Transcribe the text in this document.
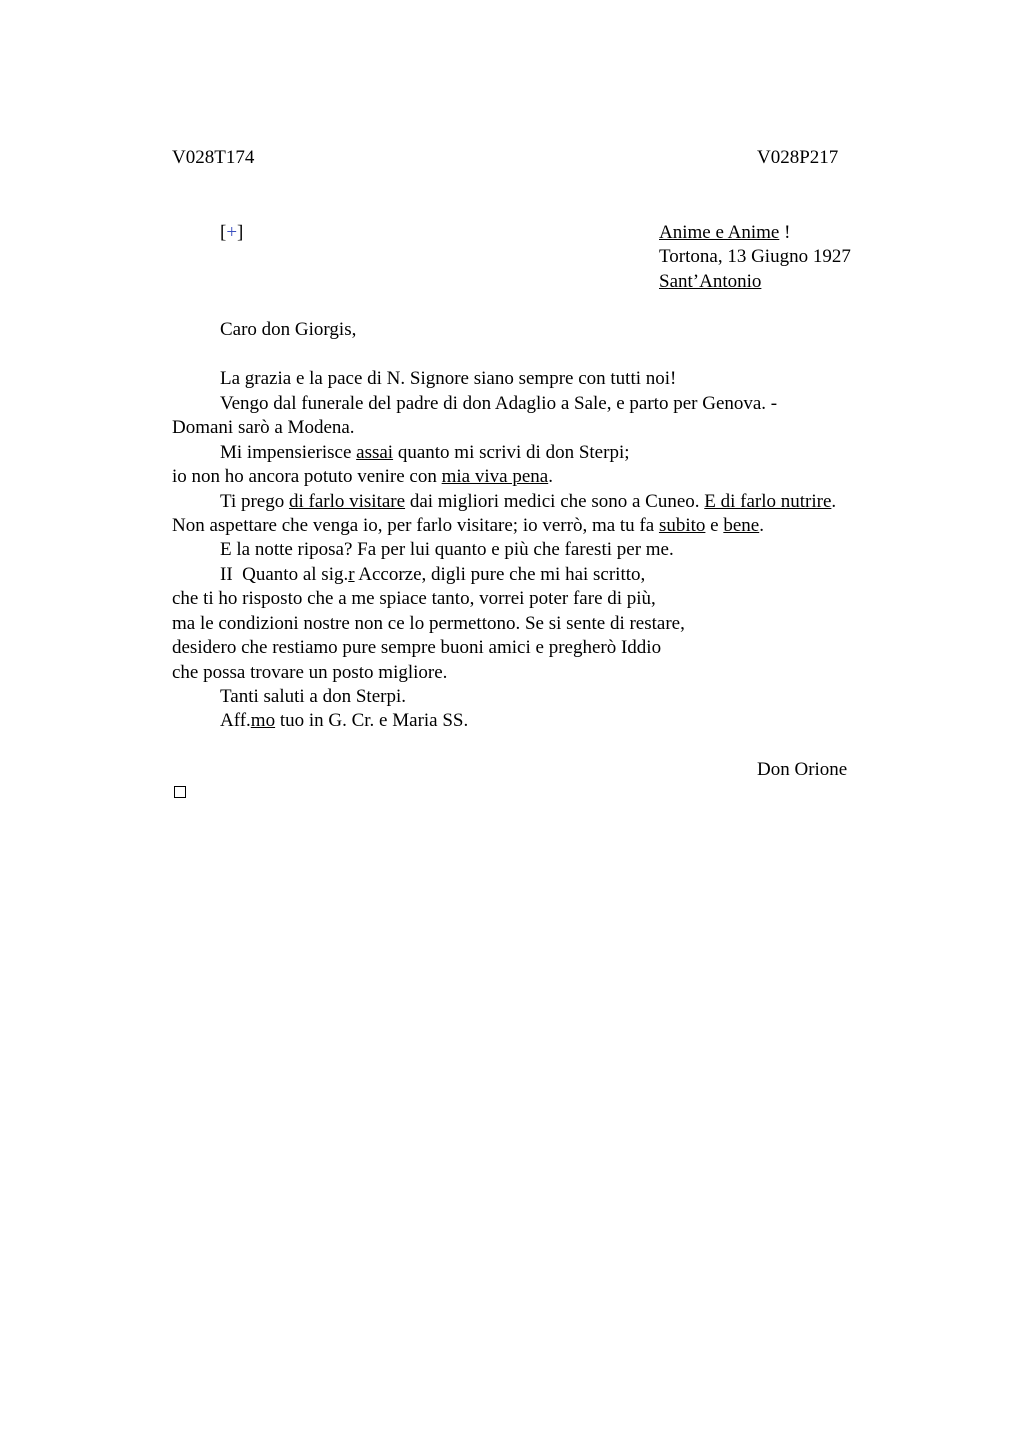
V028T174	V028P217
[+]	Anime e Anime !
Tortona, 13 Giugno 1927
Sant’Antonio
Caro don Giorgis,
La grazia e la pace di N. Signore siano sempre con tutti noi!
Vengo dal funerale del padre di don Adaglio a Sale, e parto per Genova. -
Domani sarò a Modena.
Mi impensierisce assai quanto mi scrivi di don Sterpi;
io non ho ancora potuto venire con mia viva pena.
Ti prego di farlo visitare dai migliori medici che sono a Cuneo. E di farlo nutrire.
Non aspettare che venga io, per farlo visitare; io verrò, ma tu fa subito e bene.
E la notte riposa? Fa per lui quanto e più che faresti per me.
II  Quanto al sig.r Accorze, digli pure che mi hai scritto,
che ti ho risposto che a me spiace tanto, vorrei poter fare di più,
ma le condizioni nostre non ce lo permettono. Se si sente di restare,
desidero che restiamo pure sempre buoni amici e pregherò Iddio
che possa trovare un posto migliore.
Tanti saluti a don Sterpi.
Aff.mo tuo in G. Cr. e Maria SS.
Don Orione
